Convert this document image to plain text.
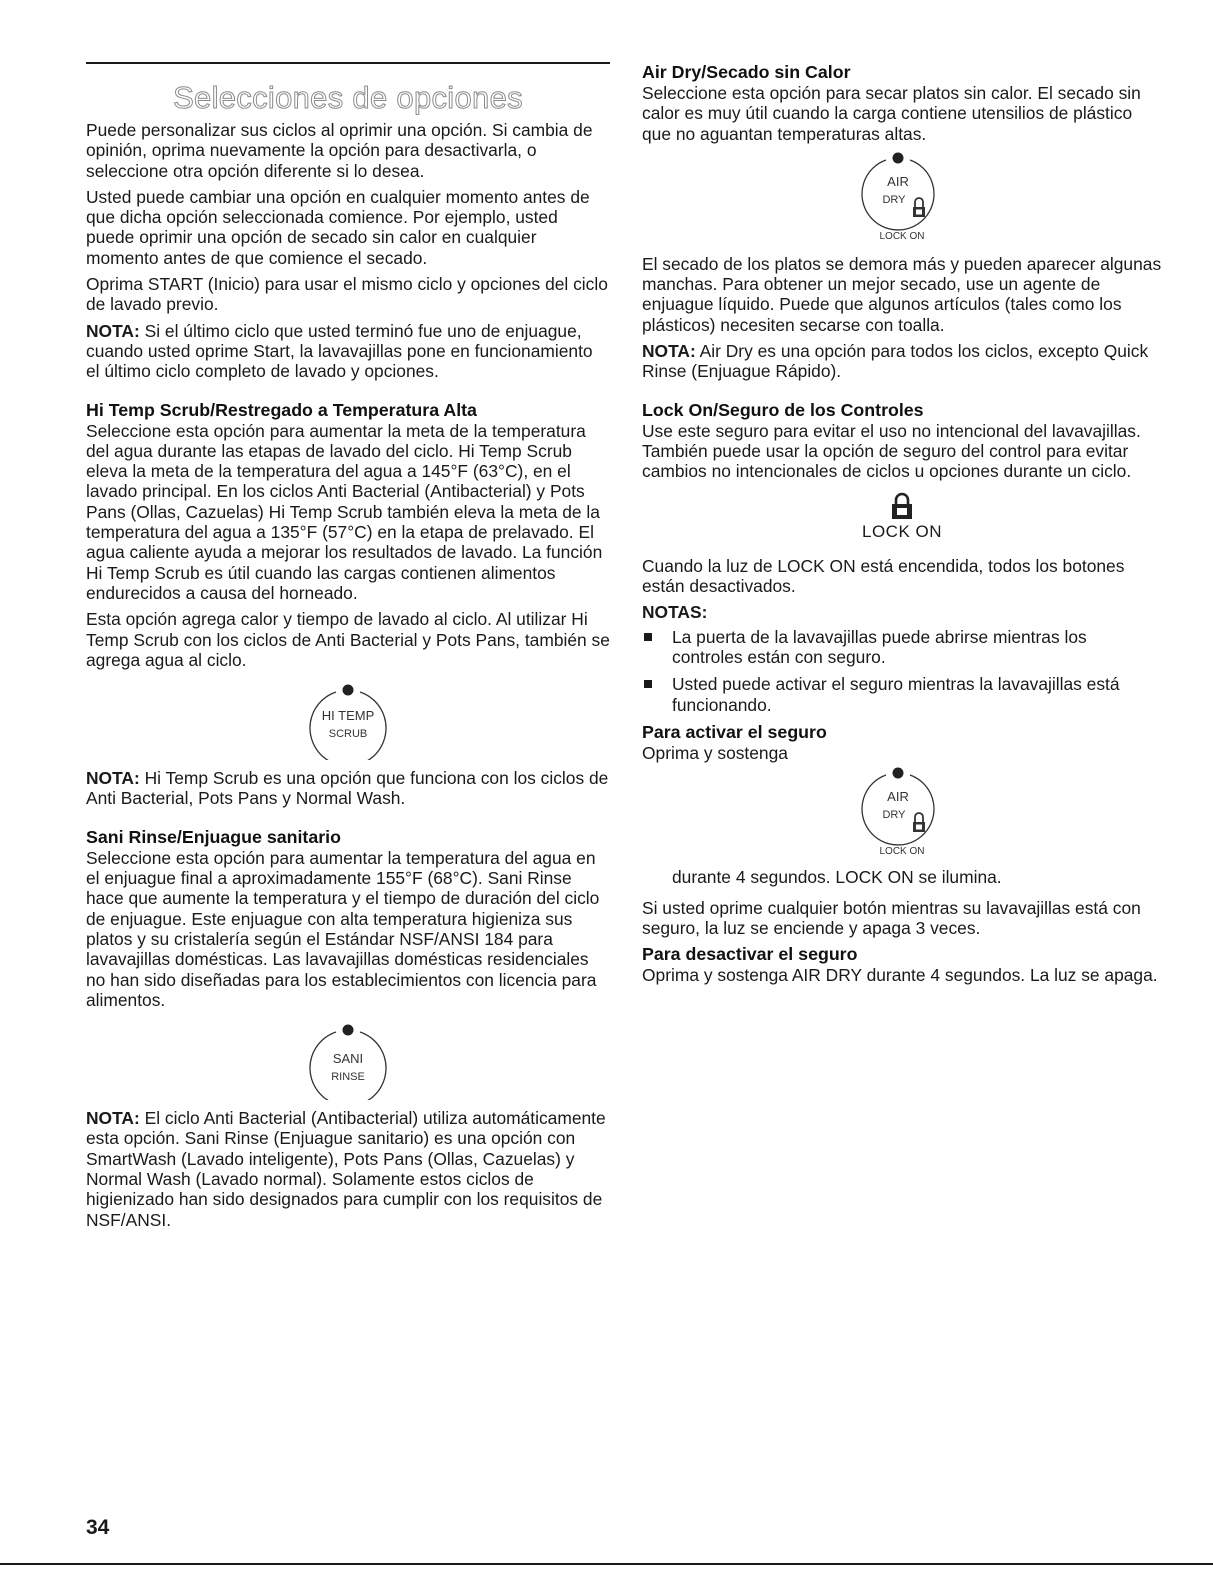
Selecciones de opciones

Puede personalizar sus ciclos al oprimir una opción. Si cambia de opinión, oprima nuevamente la opción para desactivarla, o seleccione otra opción diferente si lo desea.

Usted puede cambiar una opción en cualquier momento antes de que dicha opción seleccionada comience. Por ejemplo, usted puede oprimir una opción de secado sin calor en cualquier momento antes de que comience el secado.

Oprima START (Inicio) para usar el mismo ciclo y opciones del ciclo de lavado previo.

NOTA: Si el último ciclo que usted terminó fue uno de enjuague, cuando usted oprime Start, la lavavajillas pone en funcionamiento el último ciclo completo de lavado y opciones.

Hi Temp Scrub/Restregado a Temperatura Alta

Seleccione esta opción para aumentar la meta de la temperatura del agua durante las etapas de lavado del ciclo. Hi Temp Scrub eleva la meta de la temperatura del agua a 145°F (63°C), en el lavado principal. En los ciclos Anti Bacterial (Antibacterial) y Pots Pans (Ollas, Cazuelas) Hi Temp Scrub también eleva la meta de la temperatura del agua a 135°F (57°C) en la etapa de prelavado. El agua caliente ayuda a mejorar los resultados de lavado. La función Hi Temp Scrub es útil cuando las cargas contienen alimentos endurecidos a causa del horneado.

Esta opción agrega calor y tiempo de lavado al ciclo. Al utilizar Hi Temp Scrub con los ciclos de Anti Bacterial y Pots Pans, también se agrega agua al ciclo.

HI TEMP
SCRUB

NOTA: Hi Temp Scrub es una opción que funciona con los ciclos de Anti Bacterial, Pots Pans y Normal Wash.

Sani Rinse/Enjuague sanitario

Seleccione esta opción para aumentar la temperatura del agua en el enjuague final a aproximadamente 155°F (68°C). Sani Rinse hace que aumente la temperatura y el tiempo de duración del ciclo de enjuague. Este enjuague con alta temperatura higieniza sus platos y su cristalería según el Estándar NSF/ANSI 184 para lavavajillas domésticas. Las lavavajillas domésticas residenciales no han sido diseñadas para los establecimientos con licencia para alimentos.

SANI
RINSE

NOTA: El ciclo Anti Bacterial (Antibacterial) utiliza automáticamente esta opción. Sani Rinse (Enjuague sanitario) es una opción con SmartWash (Lavado inteligente), Pots Pans (Ollas, Cazuelas) y Normal Wash (Lavado normal). Solamente estos ciclos de higienizado han sido designados para cumplir con los requisitos de NSF/ANSI.

Air Dry/Secado sin Calor

Seleccione esta opción para secar platos sin calor. El secado sin calor es muy útil cuando la carga contiene utensilios de plástico que no aguantan temperaturas altas.

AIR
DRY
LOCK ON

El secado de los platos se demora más y pueden aparecer algunas manchas. Para obtener un mejor secado, use un agente de enjuague líquido. Puede que algunos artículos (tales como los plásticos) necesiten secarse con toalla.

NOTA: Air Dry es una opción para todos los ciclos, excepto Quick Rinse (Enjuague Rápido).

Lock On/Seguro de los Controles

Use este seguro para evitar el uso no intencional del lavavajillas. También puede usar la opción de seguro del control para evitar cambios no intencionales de ciclos u opciones durante un ciclo.

LOCK ON

Cuando la luz de LOCK ON está encendida, todos los botones están desactivados.

NOTAS:

La puerta de la lavavajillas puede abrirse mientras los controles están con seguro.
Usted puede activar el seguro mientras la lavavajillas está funcionando.
Para activar el seguro

Oprima y sostenga

AIR
DRY
LOCK ON

durante 4 segundos. LOCK ON se ilumina.

Si usted oprime cualquier botón mientras su lavavajillas está con seguro, la luz se enciende y apaga 3 veces.

Para desactivar el seguro

Oprima y sostenga AIR DRY durante 4 segundos. La luz se apaga.

34
